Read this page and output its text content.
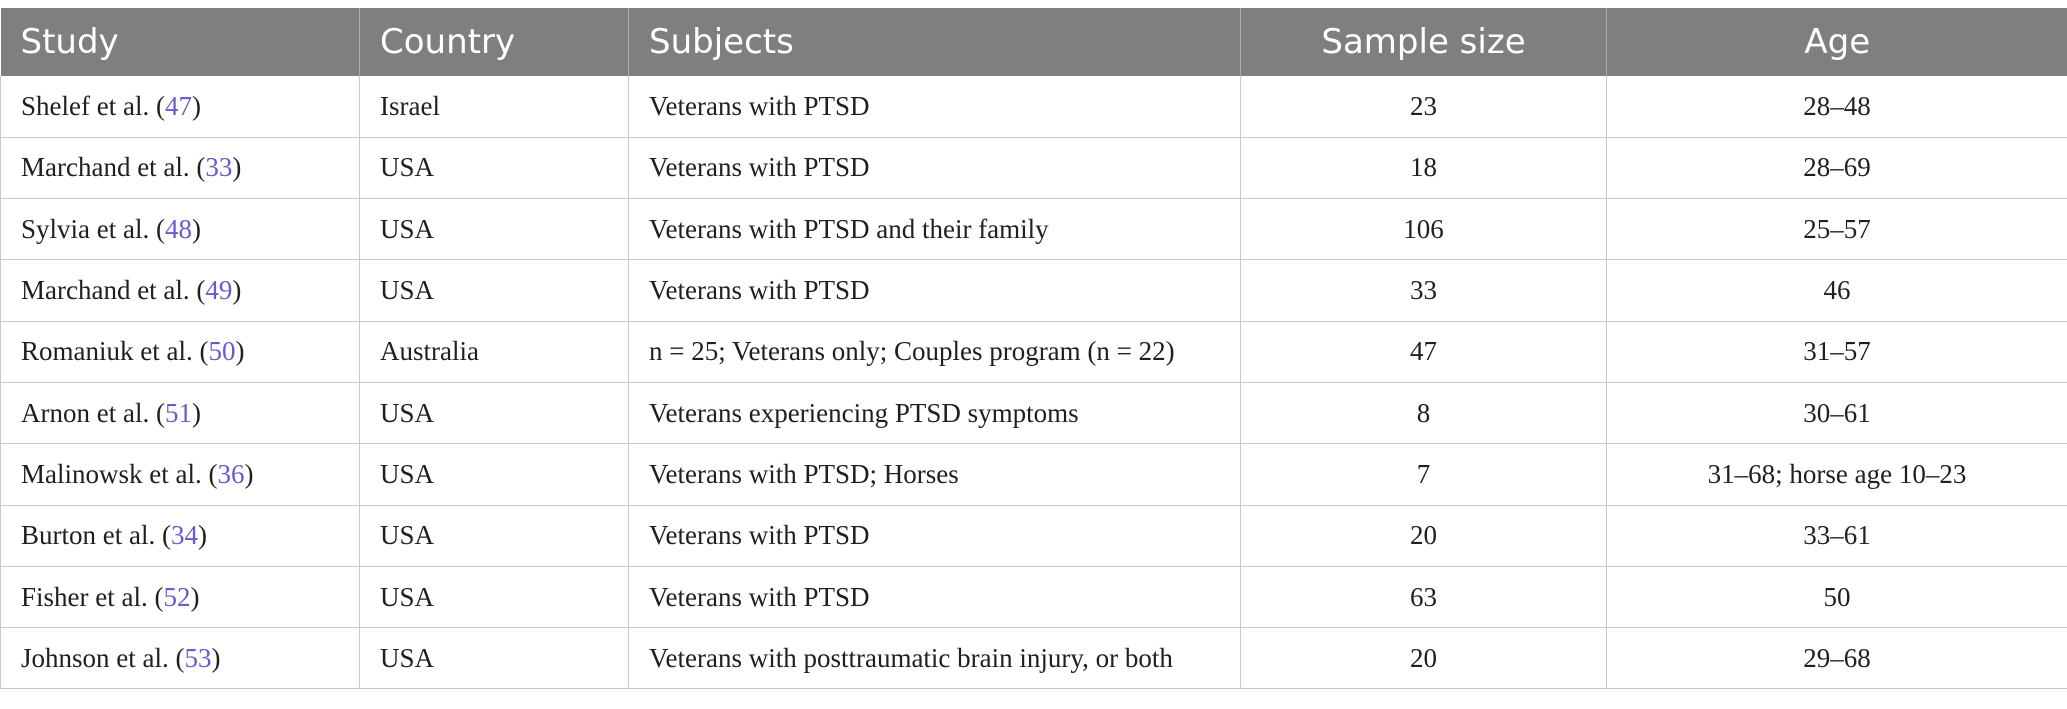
Study	Country	Subjects	Sample size	Age
Shelef et al. (47)	Israel	Veterans with PTSD	23	28–48
Marchand et al. (33)	USA	Veterans with PTSD	18	28–69
Sylvia et al. (48)	USA	Veterans with PTSD and their family	106	25–57
Marchand et al. (49)	USA	Veterans with PTSD	33	46
Romaniuk et al. (50)	Australia	n = 25; Veterans only; Couples program (n = 22)	47	31–57
Arnon et al. (51)	USA	Veterans experiencing PTSD symptoms	8	30–61
Malinowsk et al. (36)	USA	Veterans with PTSD; Horses	7	31–68; horse age 10–23
Burton et al. (34)	USA	Veterans with PTSD	20	33–61
Fisher et al. (52)	USA	Veterans with PTSD	63	50
Johnson et al. (53)	USA	Veterans with posttraumatic brain injury, or both	20	29–68
